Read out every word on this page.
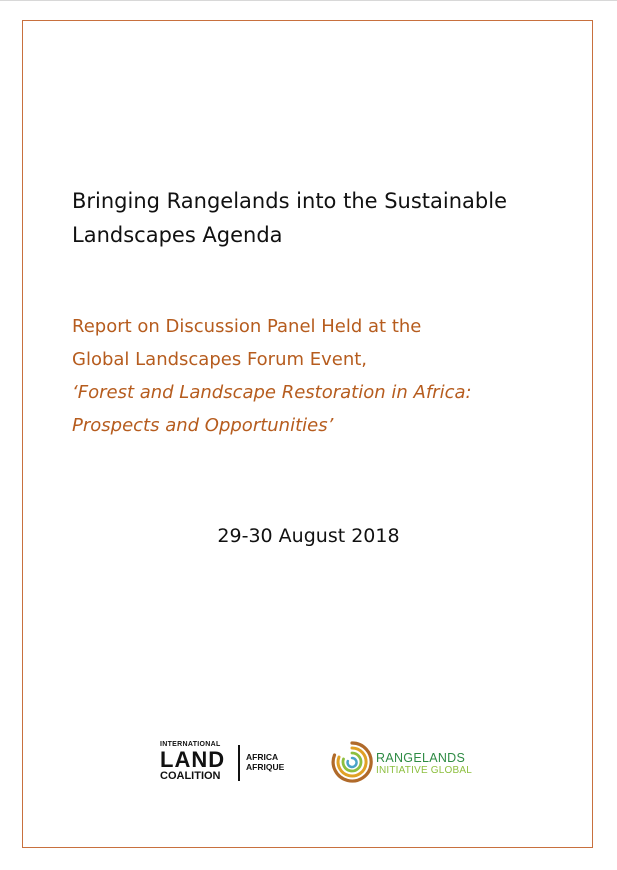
Bringing Rangelands into the Sustainable
Landscapes Agenda
Report on Discussion Panel Held at the
Global Landscapes Forum Event,
‘Forest and Landscape Restoration in Africa:
Prospects and Opportunities’
29-30 August 2018
INTERNATIONAL
LAND
COALITION
AFRICA
AFRIQUE
RANGELANDS
INITIATIVE GLOBAL
